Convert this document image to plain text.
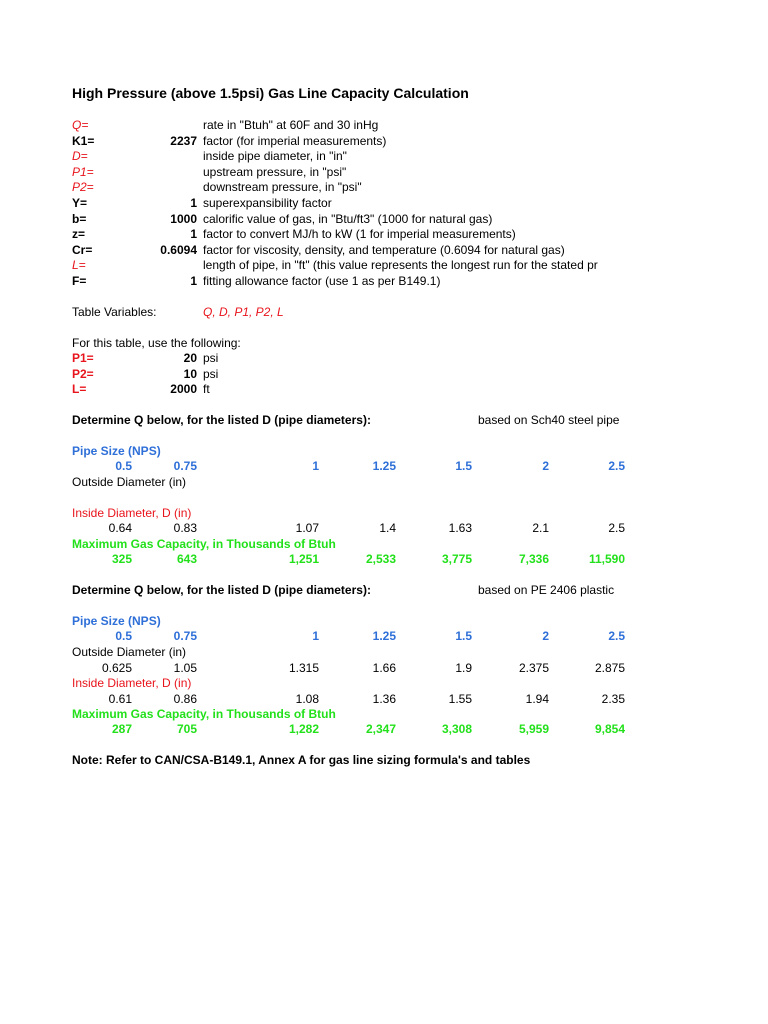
High Pressure (above 1.5psi) Gas Line Capacity Calculation
Q=	rate in "Btuh" at 60F and 30 inHg
K1=	2237 factor (for imperial measurements)
D=	inside pipe diameter, in "in"
P1=	upstream pressure, in "psi"
P2=	downstream pressure, in "psi"
Y=	1 superexpansibility factor
b=	1000 calorific value of gas, in "Btu/ft3" (1000 for natural gas)
z=	1 factor to convert MJ/h to kW (1 for imperial measurements)
Cr=	0.6094 factor for viscosity, density, and temperature (0.6094 for natural gas)
L=	length of pipe, in "ft" (this value represents the longest run for the stated pr
F=	1 fitting allowance factor (use 1 as per B149.1)
Table Variables:	Q, D, P1, P2, L
For this table, use the following:
P1=	20 psi
P2=	10 psi
L=	2000 ft
Determine Q below, for the listed D (pipe diameters):	based on Sch40 steel pipe
Pipe Size (NPS)
0.5	0.75	1	1.25	1.5	2	2.5
Outside Diameter (in)
Inside Diameter, D (in)
0.64	0.83	1.07	1.4	1.63	2.1	2.5
Maximum Gas Capacity, in Thousands of Btuh
325	643	1,251	2,533	3,775	7,336	11,590
Determine Q below, for the listed D (pipe diameters):	based on PE 2406 plastic
Pipe Size (NPS)
0.5	0.75	1	1.25	1.5	2	2.5
Outside Diameter (in)
0.625	1.05	1.315	1.66	1.9	2.375	2.875
Inside Diameter, D (in)
0.61	0.86	1.08	1.36	1.55	1.94	2.35
Maximum Gas Capacity, in Thousands of Btuh
287	705	1,282	2,347	3,308	5,959	9,854
Note: Refer to CAN/CSA-B149.1, Annex A for gas line sizing formula's and tables
